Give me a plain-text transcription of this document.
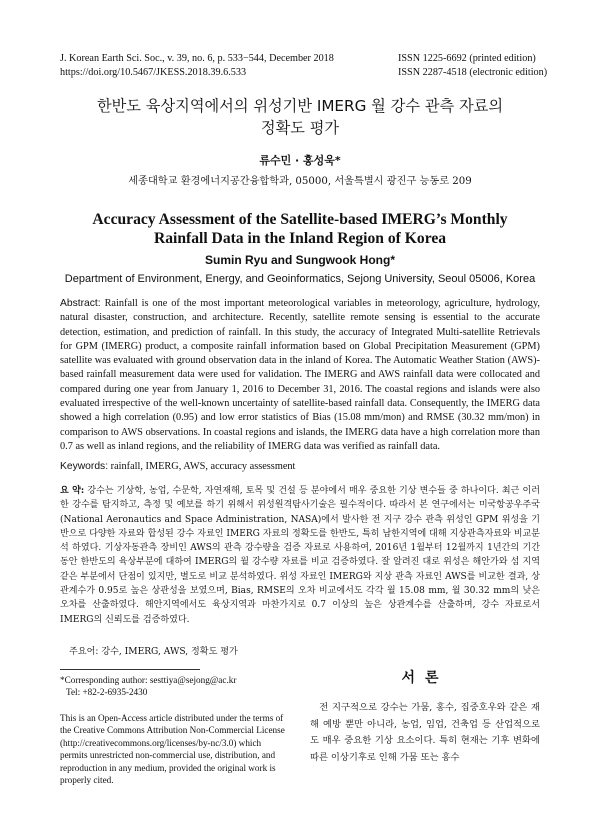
J. Korean Earth Sci. Soc., v. 39, no. 6, p. 533−544, December 2018
https://doi.org/10.5467/JKESS.2018.39.6.533
ISSN 1225-6692 (printed edition)
ISSN 2287-4518 (electronic edition)
한반도 육상지역에서의 위성기반 IMERG 월 강수 관측 자료의
정확도 평가
류수민 · 홍성욱*
세종대학교 환경에너지공간융합학과, 05000, 서울특별시 광진구 능동로 209
Accuracy Assessment of the Satellite-based IMERG’s Monthly
Rainfall Data in the Inland Region of Korea
Sumin Ryu and Sungwook Hong*
Department of Environment, Energy, and Geoinformatics, Sejong University, Seoul 05006, Korea
Abstract: Rainfall is one of the most important meteorological variables in meteorology, agriculture, hydrology, natural disaster, construction, and architecture. Recently, satellite remote sensing is essential to the accurate detection, estimation, and prediction of rainfall. In this study, the accuracy of Integrated Multi-satellite Retrievals for GPM (IMERG) product, a composite rainfall information based on Global Precipitation Measurement (GPM) satellite was evaluated with ground observation data in the inland of Korea. The Automatic Weather Station (AWS)-based rainfall measurement data were used for validation. The IMERG and AWS rainfall data were collocated and compared during one year from January 1, 2016 to December 31, 2016. The coastal regions and islands were also evaluated irrespective of the well-known uncertainty of satellite-based rainfall data. Consequently, the IMERG data showed a high correlation (0.95) and low error statistics of Bias (15.08 mm/mon) and RMSE (30.32 mm/mon) in comparison to AWS observations. In coastal regions and islands, the IMERG data have a high correlation more than 0.7 as well as inland regions, and the reliability of IMERG data was verified as rainfall data.
Keywords: rainfall, IMERG, AWS, accuracy assessment
요 약: 강수는 기상학, 농업, 수문학, 자연재해, 토목 및 건설 등 분야에서 매우 중요한 기상 변수들 중 하나이다. 최근 이러한 강수를 탐지하고, 측정 및 예보를 하기 위해서 위성원격탐사기술은 필수적이다. 따라서 본 연구에서는 미국항공우주국(National Aeronautics and Space Administration, NASA)에서 발사한 전 지구 강수 관측 위성인 GPM 위성을 기반으로 다양한 자료와 합성된 강수 자료인 IMERG 자료의 정확도를 한반도, 특히 남한지역에 대해 지상관측자료와 비교분석 하였다. 기상자동관측 장비인 AWS의 관측 강수량을 검증 자료로 사용하여, 2016년 1월부터 12월까지 1년간의 기간 동안 한반도의 육상부분에 대하여 IMERG의 월 강수량 자료를 비교 검증하였다. 잘 알려진 대로 위성은 해안가와 섬 지역 같은 부분에서 단점이 있지만, 별도로 비교 분석하였다. 위성 자료인 IMERG와 지상 관측 자료인 AWS를 비교한 결과, 상관계수가 0.95로 높은 상관성을 보였으며, Bias, RMSE의 오차 비교에서도 각각 월 15.08 mm, 월 30.32 mm의 낮은 오차를 산출하였다. 해안지역에서도 육상지역과 마찬가지로 0.7 이상의 높은 상관계수를 산출하며, 강수 자료로서 IMERG의 신뢰도를 검증하였다.
주요어: 강수, IMERG, AWS, 정확도 평가
*Corresponding author: sesttiya@sejong@ac.kr
Tel: +82-2-6935-2430
This is an Open-Access article distributed under the terms of the Creative Commons Attribution Non-Commercial License (http://creativecommons.org/licenses/by-nc/3.0) which permits unrestricted non-commercial use, distribution, and reproduction in any medium, provided the original work is properly cited.
서론
전 지구적으로 강수는 가뭄, 홍수, 집중호우와 같은 재해 예방 뿐만 아니라, 농업, 임업, 건축업 등 산업적으로도 매우 중요한 기상 요소이다. 특히 현재는 기후 변화에 따른 이상기후로 인해 가뭄 또는 홍수
